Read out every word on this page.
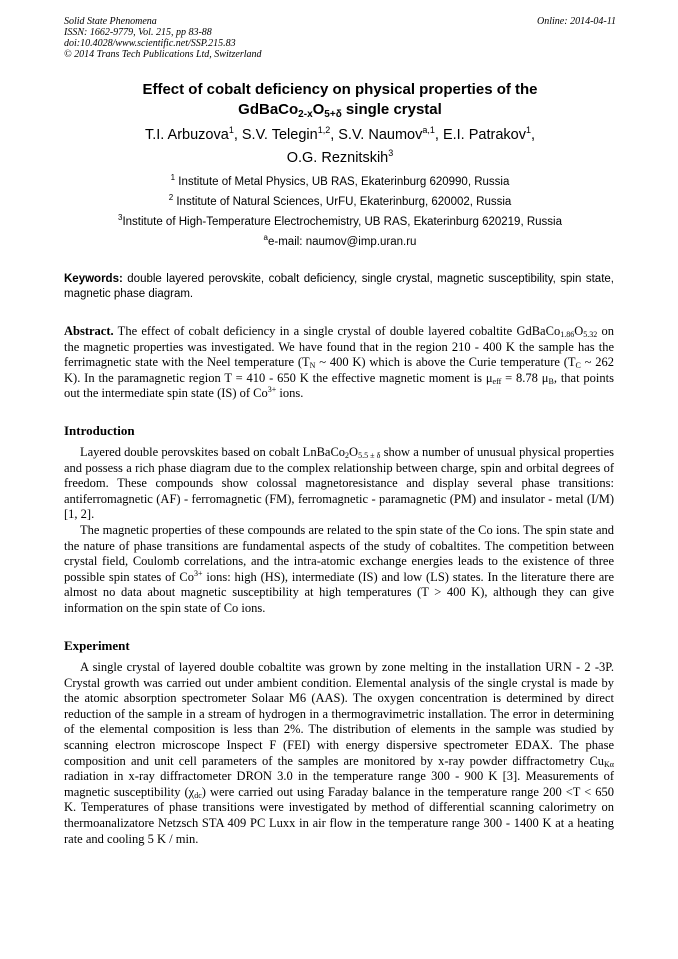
Solid State Phenomena
ISSN: 1662-9779, Vol. 215, pp 83-88
doi:10.4028/www.scientific.net/SSP.215.83
© 2014 Trans Tech Publications Ltd, Switzerland
Online: 2014-04-11
Effect of cobalt deficiency on physical properties of the
$GdBaCo_{2-x}O_{5+\delta}$ single crystal
T.I. Arbuzova$^1$, S.V. Telegin$^{1,2}$, S.V. Naumov$^{a,1}$, E.I. Patrakov$^1$,
O.G. Reznitskih$^3$
$^1$ Institute of Metal Physics, UB RAS, Ekaterinburg 620990, Russia
$^2$ Institute of Natural Sciences, UrFU, Ekaterinburg, 620002, Russia
$^3$Institute of High-Temperature Electrochemistry, UB RAS, Ekaterinburg 620219, Russia
$^a$e-mail: naumov@imp.uran.ru
Keywords: double layered perovskite, cobalt deficiency, single crystal, magnetic susceptibility, spin state, magnetic phase diagram.

Abstract. The effect of cobalt deficiency in a single crystal of double layered cobaltite $GdBaCo_{1.86}O_{5.32}$ on the magnetic properties was investigated. We have found that in the region 210 - 400 K the sample has the ferrimagnetic state with the Neel temperature ($T_N$ ~ 400 K) which is above the Curie temperature ($T_C$ ~ 262 K). In the paramagnetic region T = 410 - 650 K the effective magnetic moment is $\mu_{eff} = 8.78$ $\mu_B$, that points out the intermediate spin state (IS) of $Co^{3+}$ ions.

Introduction

Layered double perovskites based on cobalt $LnBaCo_2O_{5.5 \pm \delta}$ show a number of unusual physical properties and possess a rich phase diagram due to the complex relationship between charge, spin and orbital degrees of freedom. These compounds show colossal magnetoresistance and display several phase transitions: antiferromagnetic (AF) - ferromagnetic (FM), ferromagnetic - paramagnetic (PM) and insulator - metal (I/M) [1, 2].

The magnetic properties of these compounds are related to the spin state of the Co ions. The spin state and the nature of phase transitions are fundamental aspects of the study of cobaltites. The competition between crystal field, Coulomb correlations, and the intra-atomic exchange energies leads to the existence of three possible spin states of $Co^{3+}$ ions: high (HS), intermediate (IS) and low (LS) states. In the literature there are almost no data about magnetic susceptibility at high temperatures (T > 400 K), although they can give information on the spin state of Co ions.

Experiment

A single crystal of layered double cobaltite was grown by zone melting in the installation URN - 2 -3P. Crystal growth was carried out under ambient condition. Elemental analysis of the single crystal is made by the atomic absorption spectrometer Solaar M6 (AAS). The oxygen concentration is determined by direct reduction of the sample in a stream of hydrogen in a thermogravimetric installation. The error in determining of the elemental composition is less than 2%. The distribution of elements in the sample was studied by scanning electron microscope Inspect F (FEI) with energy dispersive spectrometer EDAX. The phase composition and unit cell parameters of the samples are monitored by x-ray powder diffractometry $Cu_{K\alpha}$ radiation in x-ray diffractometer DRON 3.0 in the temperature range 300 - 900 K [3]. Measurements of magnetic susceptibility $(\chi_{dc})$ were carried out using Faraday balance in the temperature range 200 <T < 650 K. Temperatures of phase transitions were investigated by method of differential scanning calorimetry on thermoanalizatore Netzsch STA 409 PC Luxx in air flow in the temperature range 300 - 1400 K at a heating rate and cooling 5 K / min.
